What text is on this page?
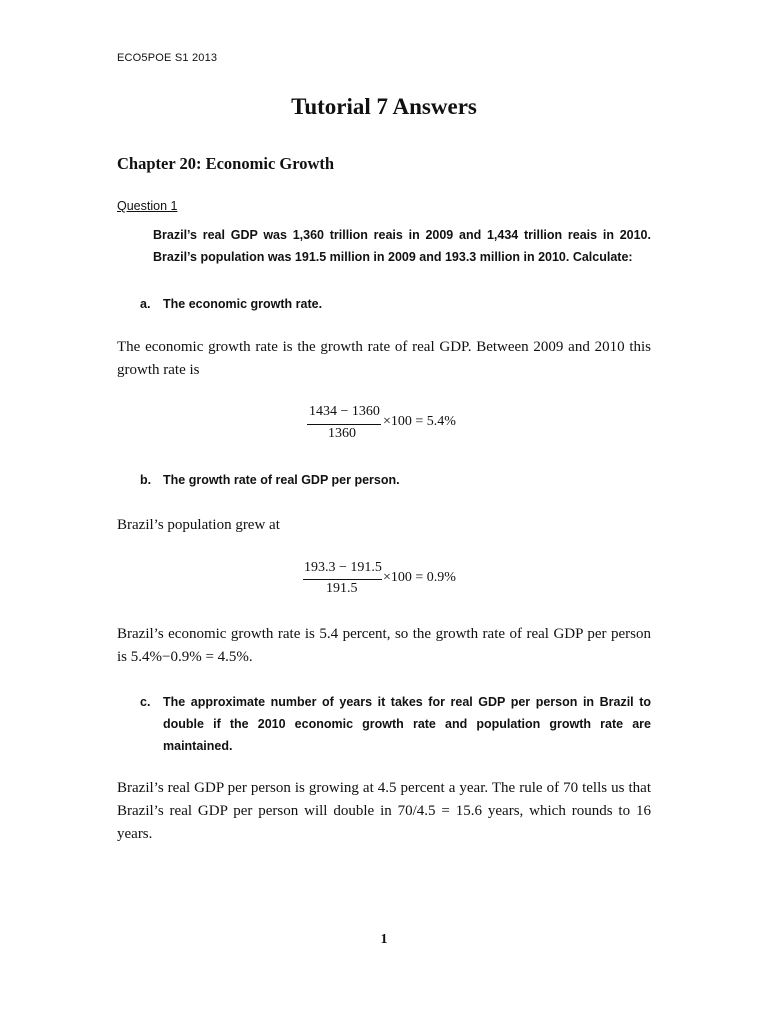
ECO5POE S1 2013
Tutorial 7 Answers
Chapter 20: Economic Growth
Question 1
Brazil’s real GDP was 1,360 trillion reais in 2009 and 1,434 trillion reais in 2010. Brazil’s population was 191.5 million in 2009 and 193.3 million in 2010. Calculate:
a. The economic growth rate.
The economic growth rate is the growth rate of real GDP. Between 2009 and 2010 this growth rate is
1434 − 1360
1360
×100 = 5.4%
b. The growth rate of real GDP per person.
Brazil’s population grew at
193.3 − 191.5
191.5
×100 = 0.9%
Brazil’s economic growth rate is 5.4 percent, so the growth rate of real GDP per person is 5.4%−0.9% = 4.5%.
c. The approximate number of years it takes for real GDP per person in Brazil to double if the 2010 economic growth rate and population growth rate are maintained.
Brazil’s real GDP per person is growing at 4.5 percent a year. The rule of 70 tells us that Brazil’s real GDP per person will double in 70/4.5 = 15.6 years, which rounds to 16 years.
1
